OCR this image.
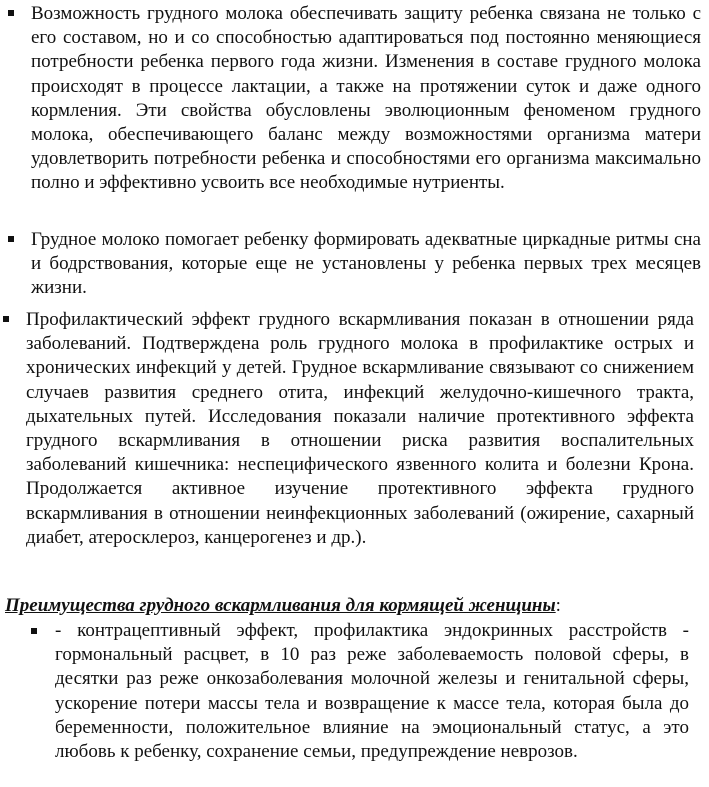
Возможность грудного молока обеспечивать защиту ребенка связана не только с его составом, но и со способностью адаптироваться под постоянно меняющиеся потребности ребенка первого года жизни. Изменения в составе грудного молока происходят в процессе лактации, а также на протяжении суток и даже одного кормления. Эти свойства обусловлены эволюционным феноменом грудного молока, обеспечивающего баланс между возможностями организма матери удовлетворить потребности ребенка и способностями его организма максимально полно и эффективно усвоить все необходимые нутриенты.
Грудное молоко помогает ребенку формировать адекватные циркадные ритмы сна и бодрствования, которые еще не установлены у ребенка первых трех месяцев жизни.
Профилактический эффект грудного вскармливания показан в отношении ряда заболеваний. Подтверждена роль грудного молока в профилактике острых и хронических инфекций у детей. Грудное вскармливание связывают со снижением случаев развития среднего отита, инфекций желудочно-кишечного тракта, дыхательных путей. Исследования показали наличие протективного эффекта грудного вскармливания в отношении риска развития воспалительных заболеваний кишечника: неспецифического язвенного колита и болезни Крона. Продолжается активное изучение протективного эффекта грудного вскармливания в отношении неинфекционных заболеваний (ожирение, сахарный диабет, атеросклероз, канцерогенез и др.).
Преимущества грудного вскармливания для кормящей женщины:
- контрацептивный эффект, профилактика эндокринных расстройств - гормональный расцвет, в 10 раз реже заболеваемость половой сферы, в десятки раз реже онкозаболевания молочной железы и генитальной сферы, ускорение потери массы тела и возвращение к массе тела, которая была до беременности, положительное влияние на эмоциональный статус, а это любовь к ребенку, сохранение семьи, предупреждение неврозов.
